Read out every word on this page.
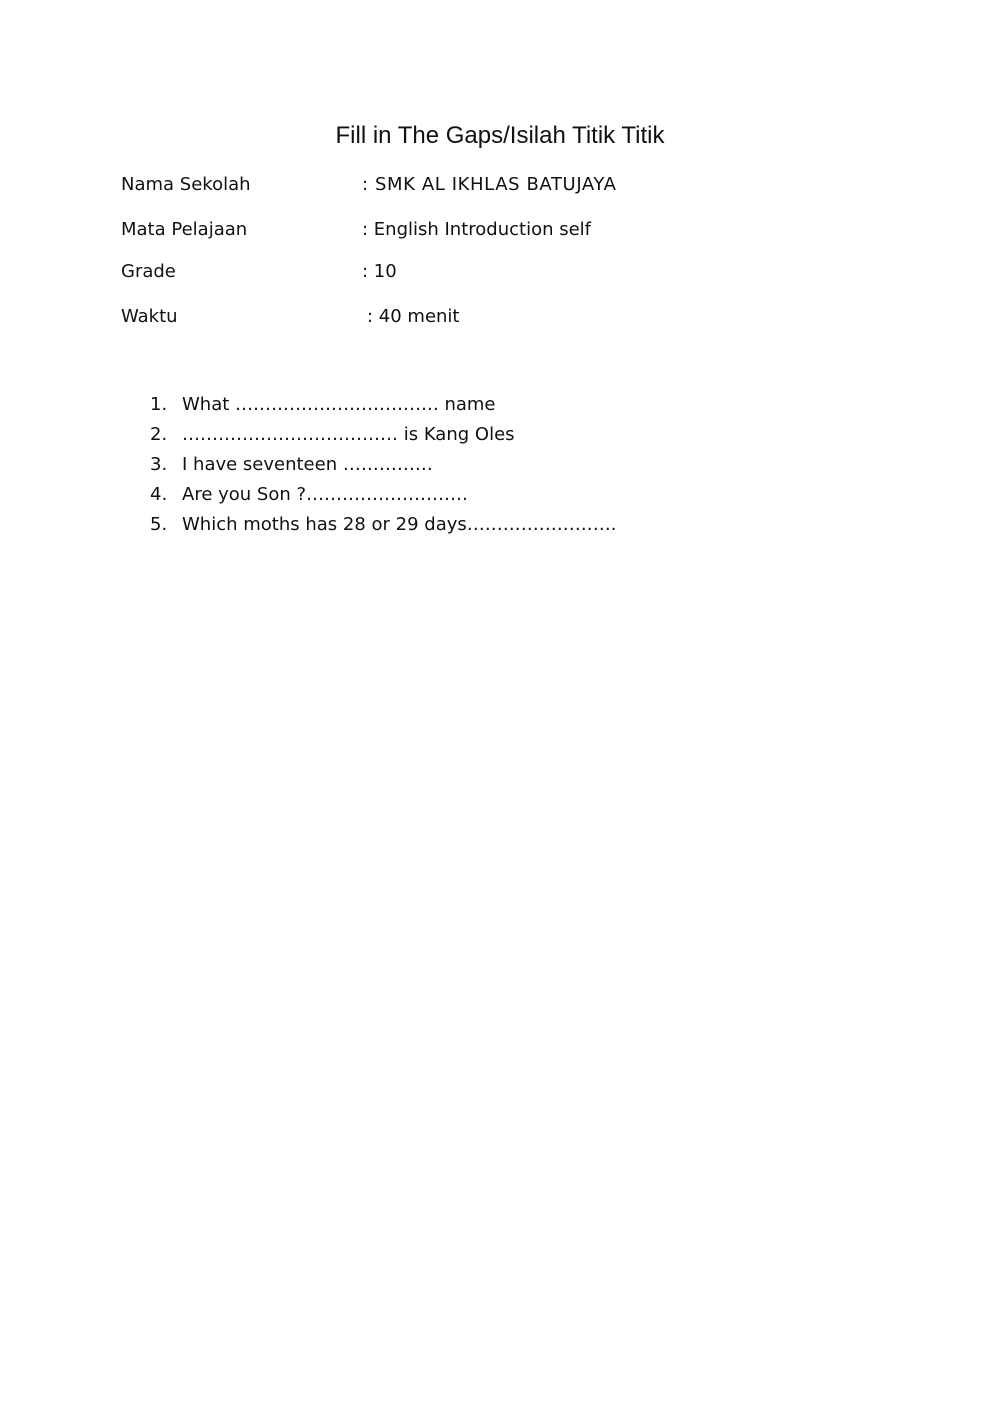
Fill in The Gaps/Isilah Titik Titik
Nama Sekolah	: SMK AL IKHLAS BATUJAYA
Mata Pelajaan	: English Introduction self
Grade	: 10
Waktu	: 40 menit
1. What ……………………………. name
2. ……………………………… is Kang Oles
3. I have seventeen ……………
4. Are you Son ?………………………
5. Which moths has 28 or 29 days…………………….
